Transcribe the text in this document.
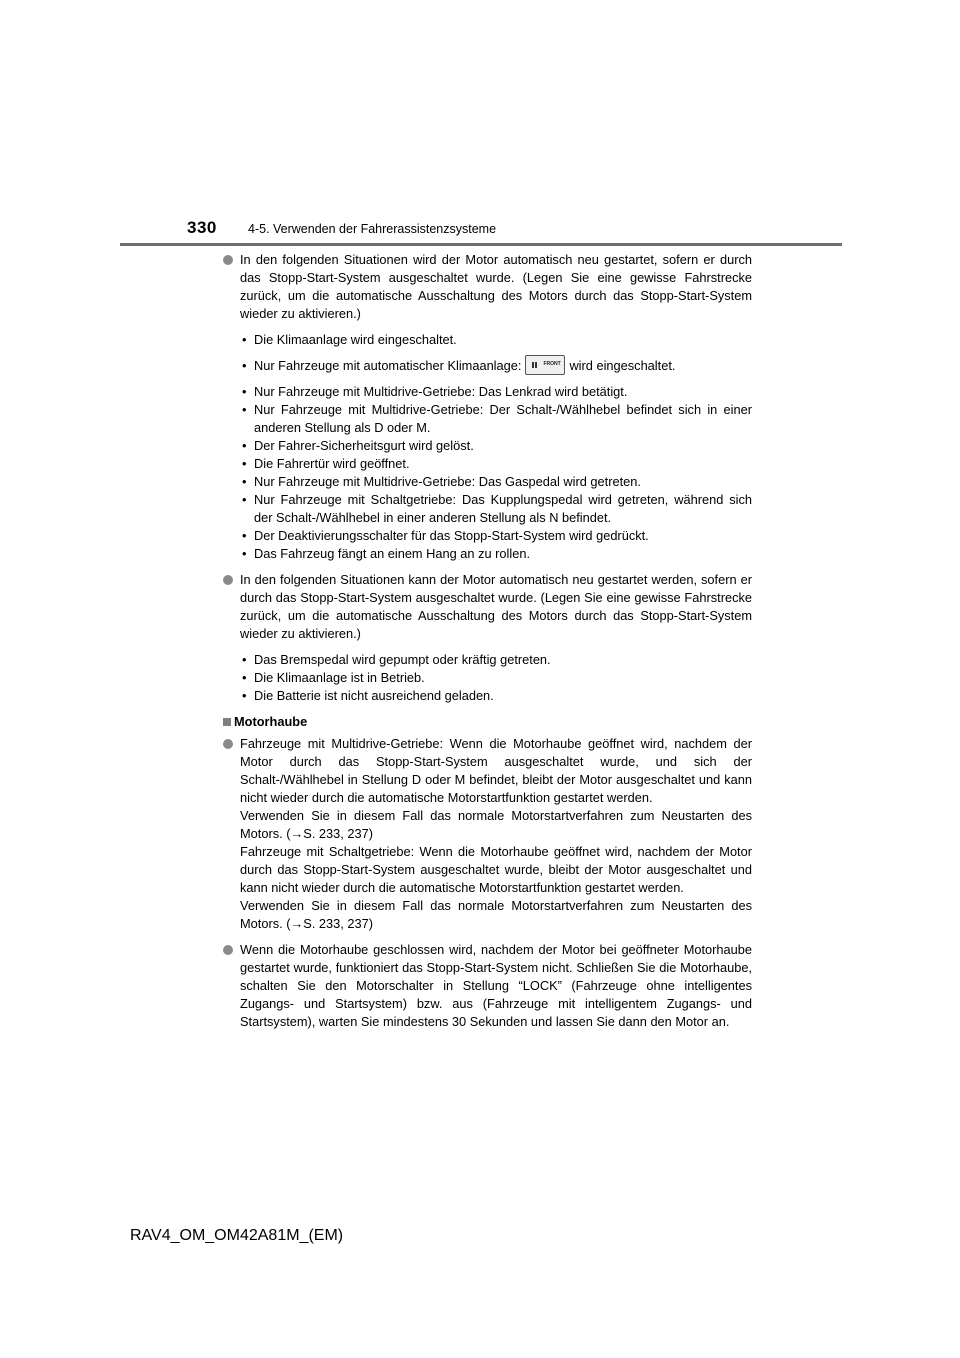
330 4-5. Verwenden der Fahrerassistenzsysteme
In den folgenden Situationen wird der Motor automatisch neu gestartet, sofern er durch das Stopp-Start-System ausgeschaltet wurde. (Legen Sie eine gewisse Fahrstrecke zurück, um die automatische Ausschaltung des Motors durch das Stopp-Start-System wieder zu aktivieren.)
• Die Klimaanlage wird eingeschaltet.
• Nur Fahrzeuge mit automatischer Klimaanlage:	FRONT wird eingeschaltet.
• Nur Fahrzeuge mit Multidrive-Getriebe: Das Lenkrad wird betätigt.
• Nur Fahrzeuge mit Multidrive-Getriebe: Der Schalt-/Wählhebel befindet sich in einer anderen Stellung als D oder M.
• Der Fahrer-Sicherheitsgurt wird gelöst.
• Die Fahrertür wird geöffnet.
• Nur Fahrzeuge mit Multidrive-Getriebe: Das Gaspedal wird getreten.
• Nur Fahrzeuge mit Schaltgetriebe: Das Kupplungspedal wird getreten, während sich der Schalt-/Wählhebel in einer anderen Stellung als N befindet.
• Der Deaktivierungsschalter für das Stopp-Start-System wird gedrückt.
• Das Fahrzeug fängt an einem Hang an zu rollen.
In den folgenden Situationen kann der Motor automatisch neu gestartet werden, sofern er durch das Stopp-Start-System ausgeschaltet wurde. (Legen Sie eine gewisse Fahrstrecke zurück, um die automatische Ausschaltung des Motors durch das Stopp-Start-System wieder zu aktivieren.)
• Das Bremspedal wird gepumpt oder kräftig getreten.
• Die Klimaanlage ist in Betrieb.
• Die Batterie ist nicht ausreichend geladen.
Motorhaube
Fahrzeuge mit Multidrive-Getriebe: Wenn die Motorhaube geöffnet wird, nachdem der Motor durch das Stopp-Start-System ausgeschaltet wurde, und sich der Schalt-/Wählhebel in Stellung D oder M befindet, bleibt der Motor ausgeschaltet und kann nicht wieder durch die automatische Motorstartfunktion gestartet werden.
Verwenden Sie in diesem Fall das normale Motorstartverfahren zum Neustarten des Motors. (→S. 233, 237)
Fahrzeuge mit Schaltgetriebe: Wenn die Motorhaube geöffnet wird, nachdem der Motor durch das Stopp-Start-System ausgeschaltet wurde, bleibt der Motor ausgeschaltet und kann nicht wieder durch die automatische Motorstartfunktion gestartet werden.
Verwenden Sie in diesem Fall das normale Motorstartverfahren zum Neustarten des Motors. (→S. 233, 237)
Wenn die Motorhaube geschlossen wird, nachdem der Motor bei geöffneter Motorhaube gestartet wurde, funktioniert das Stopp-Start-System nicht. Schließen Sie die Motorhaube, schalten Sie den Motorschalter in Stellung “LOCK” (Fahrzeuge ohne intelligentes Zugangs- und Startsystem) bzw. aus (Fahrzeuge mit intelligentem Zugangs- und Startsystem), warten Sie mindestens 30 Sekunden und lassen Sie dann den Motor an.
RAV4_OM_OM42A81M_(EM)
